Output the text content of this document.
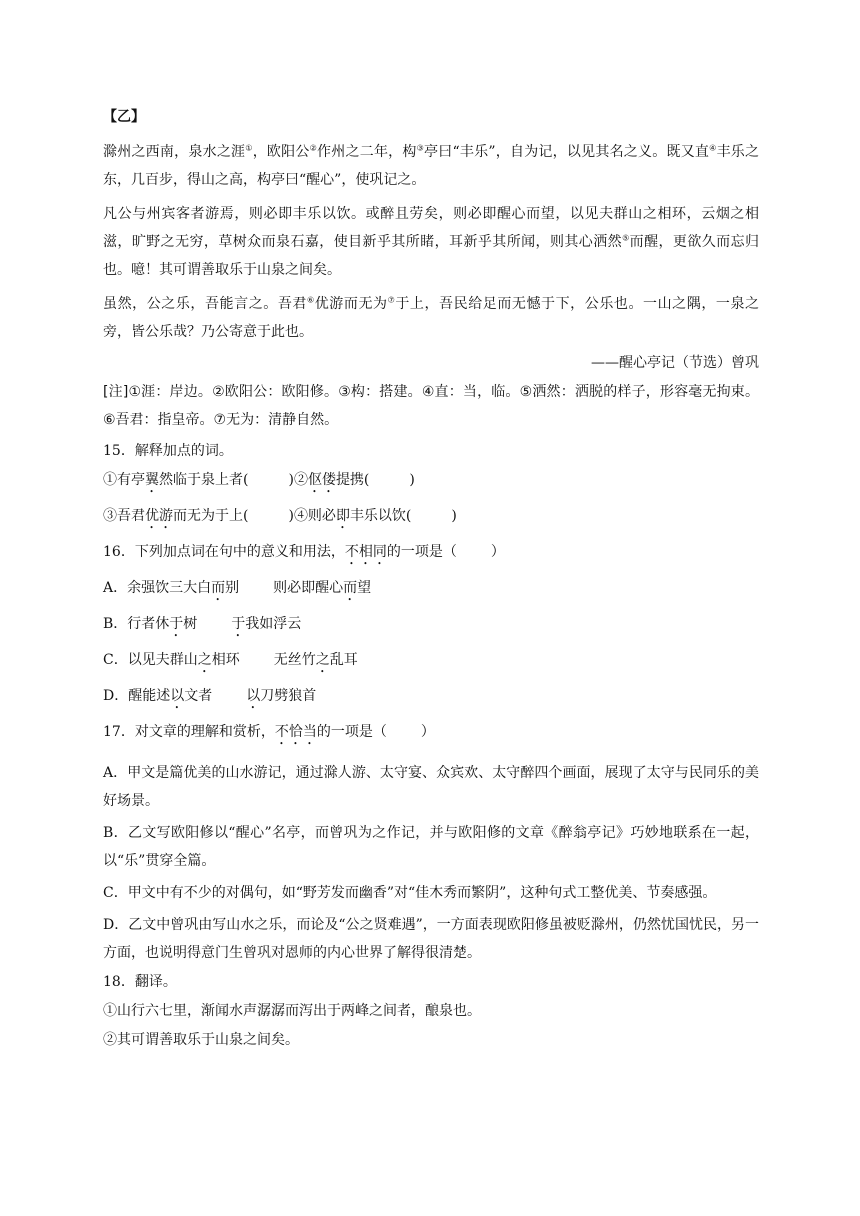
【乙】
滁州之西南，泉水之涯①，欧阳公②作州之二年，构③亭曰“丰乐”，自为记，以见其名之义。既又直④丰乐之东，几百步，得山之高，构亭曰“醒心”，使巩记之。
凡公与州宾客者游焉，则必即丰乐以饮。或醉且劳矣，则必即醒心而望，以见夫群山之相环，云烟之相滋，旷野之无穷，草树众而泉石嘉，使目新乎其所睹，耳新乎其所闻，则其心洒然⑤而醒，更欲久而忘归也。噫！其可谓善取乐于山泉之间矣。
虽然，公之乐，吾能言之。吾君⑥优游而无为⑦于上，吾民给足而无憾于下，公乐也。一山之隅，一泉之旁，皆公乐哉？乃公寄意于此也。
——醒心亭记（节选）曾巩
[注]①涯：岸边。②欧阳公：欧阳修。③构：搭建。④直：当，临。⑤洒然：洒脱的样子，形容毫无拘束。⑥吾君：指皇帝。⑦无为：清静自然。
15．解释加点的词。
①有亭翼然临于泉上者(	)②伛偻提携(	)
③吾君优游而无为于上(	)④则必即丰乐以饮(	)
16．下列加点词在句中的意义和用法，不相同的一项是（ ）
A．余强饮三大白而别 则必即醒心而望
B．行者休于树 于我如浮云
C．以见夫群山之相环 无丝竹之乱耳
D．醒能述以文者 以刀劈狼首
17．对文章的理解和赏析，不恰当的一项是（ ）
A．甲文是篇优美的山水游记，通过滁人游、太守宴、众宾欢、太守醉四个画面，展现了太守与民同乐的美好场景。
B．乙文写欧阳修以“醒心”名亭，而曾巩为之作记，并与欧阳修的文章《醉翁亭记》巧妙地联系在一起，以“乐”贯穿全篇。
C．甲文中有不少的对偶句，如“野芳发而幽香”对“佳木秀而繁阴”，这种句式工整优美、节奏感强。
D．乙文中曾巩由写山水之乐，而论及“公之贤难遇”，一方面表现欧阳修虽被贬滁州，仍然忧国忧民，另一方面，也说明得意门生曾巩对恩师的内心世界了解得很清楚。
18．翻译。
①山行六七里，渐闻水声潺潺而泻出于两峰之间者，酿泉也。
②其可谓善取乐于山泉之间矣。
